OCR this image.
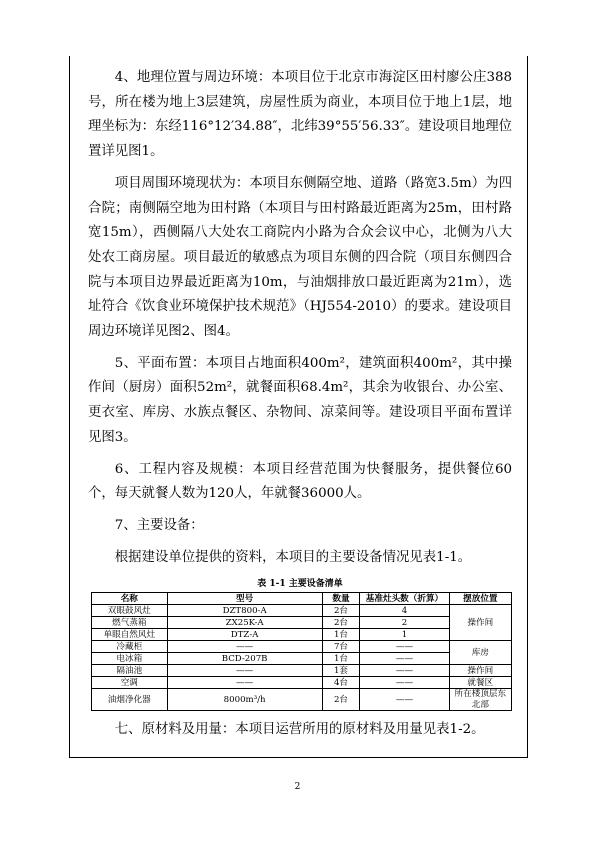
4、地理位置与周边环境：本项目位于北京市海淀区田村廖公庄388号，所在楼为地上3层建筑，房屋性质为商业，本项目位于地上1层，地理坐标为：东经116°12′34.88″，北纬39°55′56.33″。建设项目地理位置详见图1。

项目周围环境现状为：本项目东侧隔空地、道路（路宽3.5m）为四合院；南侧隔空地为田村路（本项目与田村路最近距离为25m，田村路宽15m），西侧隔八大处农工商院内小路为合众会议中心，北侧为八大处农工商房屋。项目最近的敏感点为项目东侧的四合院（项目东侧四合院与本项目边界最近距离为10m，与油烟排放口最近距离为21m），选址符合《饮食业环境保护技术规范》（HJ554-2010）的要求。建设项目周边环境详见图2、图4。

5、平面布置：本项目占地面积400m²，建筑面积400m²，其中操作间（厨房）面积52m²，就餐面积68.4m²，其余为收银台、办公室、更衣室、库房、水族点餐区、杂物间、凉菜间等。建设项目平面布置详见图3。

6、工程内容及规模：本项目经营范围为快餐服务，提供餐位60个，每天就餐人数为120人，年就餐36000人。

7、主要设备：

根据建设单位提供的资料，本项目的主要设备情况见表1-1。

表 1-1 主要设备清单
名称	型号	数量	基准灶头数（折算）	摆放位置
双眼鼓风灶	DZT800-A	2台	4	操作间
燃气蒸箱	ZX25K-A	2台	2	
单眼自然风灶	DTZ-A	1台	1	
冷藏柜	——	7台	——	库房
电冰箱	BCD-207B	1台	——	
隔油池	——	1套	——	操作间
空调	——	4台	——	就餐区
油烟净化器	8000m³/h	2台	——	所在楼顶层东北部

七、原材料及用量：本项目运营所用的原材料及用量见表1-2。

2
